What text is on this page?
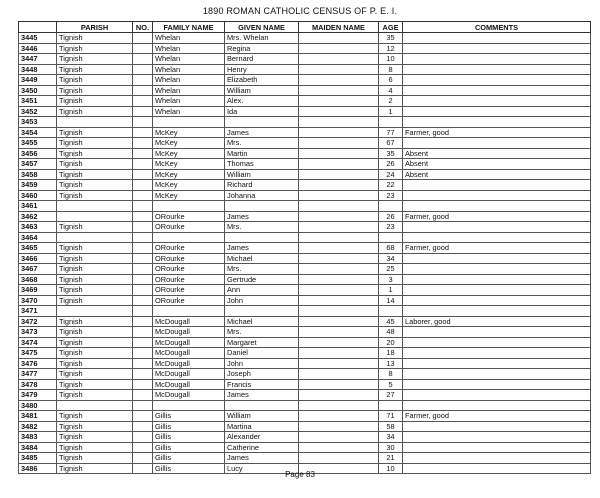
1890 ROMAN CATHOLIC CENSUS OF P. E. I.
	PARISH	NO.	FAMILY NAME	GIVEN NAME	MAIDEN NAME	AGE	COMMENTS
3445	Tignish		Whelan	Mrs. Whelan		35	
3446	Tignish		Whelan	Regina		12	
3447	Tignish		Whelan	Bernard		10	
3448	Tignish		Whelan	Henry		8	
3449	Tignish		Whelan	Elizabeth		6	
3450	Tignish		Whelan	William		4	
3451	Tignish		Whelan	Alex.		2	
3452	Tignish		Whelan	Ida		1	
3453							
3454	Tignish		McKey	James		77	Farmer, good
3455	Tignish		McKey	Mrs.		67	
3456	Tignish		McKey	Martin		35	Absent
3457	Tignish		McKey	Thomas		26	Absent
3458	Tignish		McKey	William		24	Absent
3459	Tignish		McKey	Richard		22	
3460	Tignish		McKey	Johanna		23	
3461							
3462			ORourke	James		26	Farmer, good
3463	Tignish		ORourke	Mrs.		23	
3464							
3465	Tignish		ORourke	James		68	Farmer, good
3466	Tignish		ORourke	Michael		34	
3467	Tignish		ORourke	Mrs.		25	
3468	Tignish		ORourke	Gertrude		3	
3469	Tignish		ORourke	Ann		1	
3470	Tignish		ORourke	John		14	
3471							
3472	Tignish		McDougall	Michael		45	Laborer, good
3473	Tignish		McDougall	Mrs.		48	
3474	Tignish		McDougall	Margaret		20	
3475	Tignish		McDougall	Daniel		18	
3476	Tignish		McDougall	John		13	
3477	Tignish		McDougall	Joseph		8	
3478	Tignish		McDougall	Francis		5	
3479	Tignish		McDougall	James		27	
3480							
3481	Tignish		Gillis	William		71	Farmer, good
3482	Tignish		Gillis	Martina		58	
3483	Tignish		Gillis	Alexander		34	
3484	Tignish		Gillis	Catherine		30	
3485	Tignish		Gillis	James		21	
3486	Tignish		Gillis	Lucy		10	
Page 83
